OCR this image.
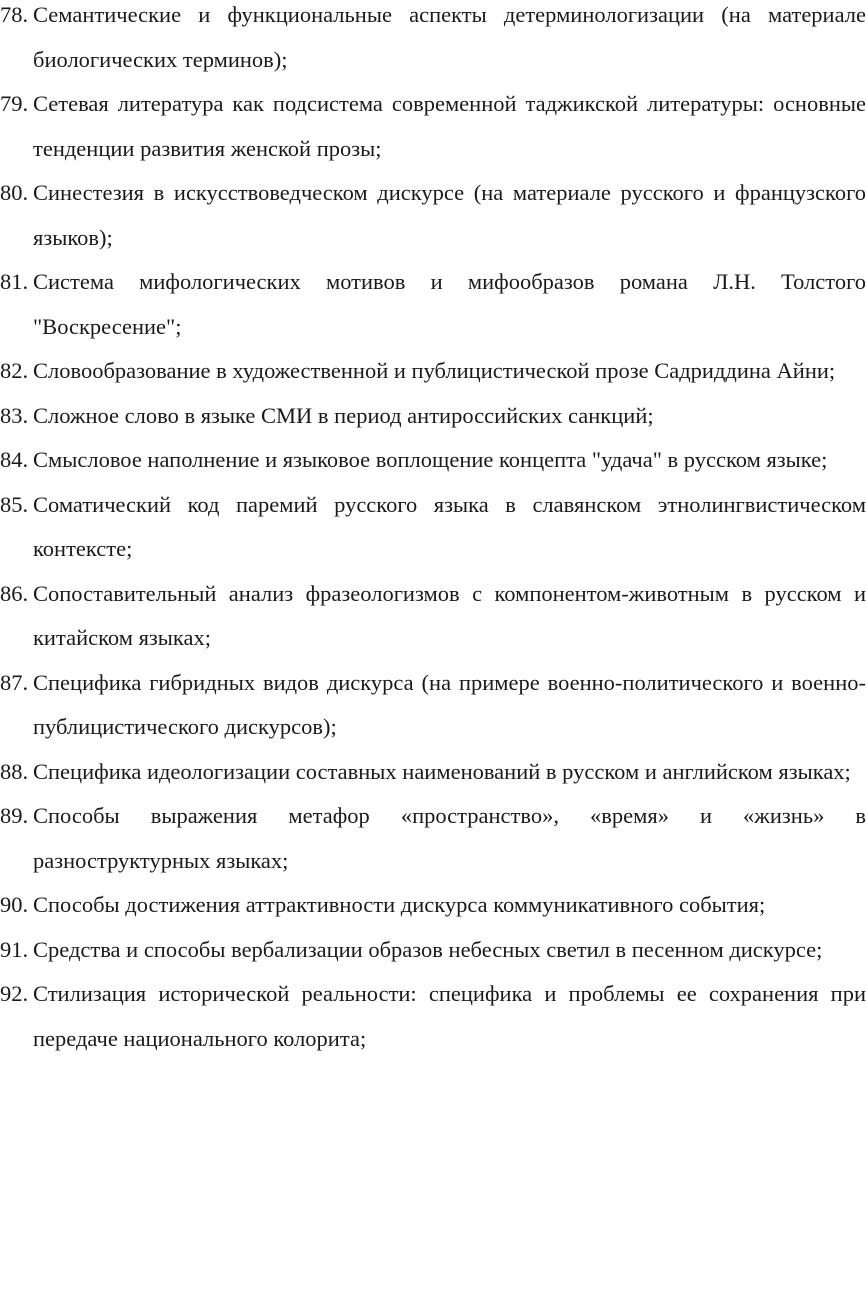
78. Семантические и функциональные аспекты детерминологизации (на материале биологических терминов);
79. Сетевая литература как подсистема современной таджикской литературы: основные тенденции развития женской прозы;
80. Синестезия в искусствоведческом дискурсе (на материале русского и французского языков);
81. Система мифологических мотивов и мифообразов романа Л.Н. Толстого "Воскресение";
82. Словообразование в художественной и публицистической прозе Садриддина Айни;
83. Сложное слово в языке СМИ в период антироссийских санкций;
84. Смысловое наполнение и языковое воплощение концепта "удача" в русском языке;
85. Соматический код паремий русского языка в славянском этнолингвистическом контексте;
86. Сопоставительный анализ фразеологизмов с компонентом-животным в русском и китайском языках;
87. Специфика гибридных видов дискурса (на примере военно-политического и военно-публицистического дискурсов);
88. Специфика идеологизации составных наименований в русском и английском языках;
89. Способы выражения метафор «пространство», «время» и «жизнь» в разноструктурных языках;
90. Способы достижения аттрактивности дискурса коммуникативного события;
91. Средства и способы вербализации образов небесных светил в песенном дискурсе;
92. Стилизация исторической реальности: специфика и проблемы ее сохранения при передаче национального колорита;
